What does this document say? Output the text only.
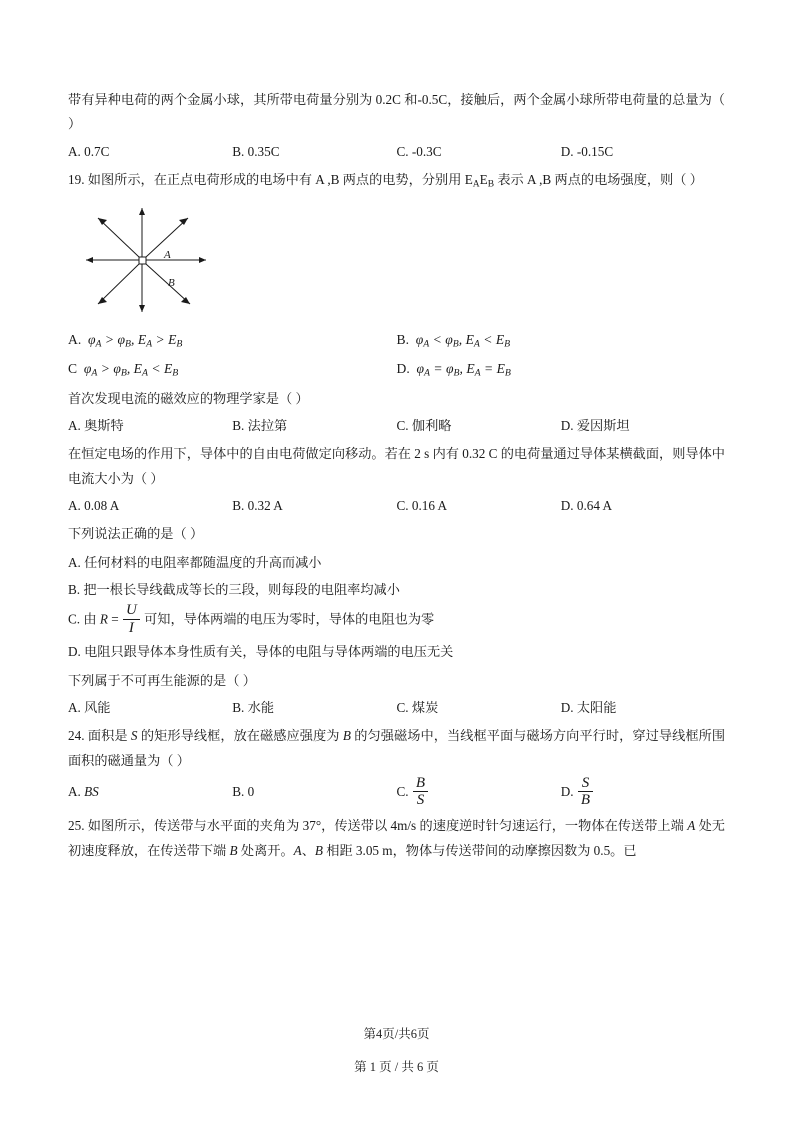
带有异种电荷的两个金属小球，其所带电荷量分别为 0.2C 和-0.5C，接触后，两个金属小球所带电荷量的总量为（ ）

A. 0.7C	B. 0.35C	C. -0.3C	D. -0.15C

19. 如图所示，在正点电荷形成的电场中有 A ,B 两点的电势，分别用 $E_AE_B$ 表示 A ,B 两点的电场强度，则（ ）

A
B
A.  $\varphi_A > \varphi_B$, $E_A > E_B$	B.  $\varphi_A < \varphi_B$, $E_A < E_B$
C  $\varphi_A > \varphi_B$, $E_A < E_B$	D.  $\varphi_A = \varphi_B$, $E_A = E_B$

首次发现电流的磁效应的物理学家是（ ）

A. 奥斯特	B. 法拉第	C. 伽利略	D. 爱因斯坦

在恒定电场的作用下，导体中的自由电荷做定向移动。若在 2 s 内有 0.32 C 的电荷量通过导体某横截面，则导体中电流大小为（ ）

A. 0.08 A	B. 0.32 A	C. 0.16 A	D. 0.64 A

下列说法正确的是（ ）

A. 任何材料的电阻率都随温度的升高而减小
B. 把一根长导线截成等长的三段，则每段的电阻率均减小
C. 由 $R = \frac{U}{I}$ 可知，导体两端的电压为零时，导体的电阻也为零
D. 电阻只跟导体本身性质有关，导体的电阻与导体两端的电压无关

下列属于不可再生能源的是（ ）

A. 风能	B. 水能	C. 煤炭	D. 太阳能

24. 面积是 S 的矩形导线框，放在磁感应强度为 B 的匀强磁场中，当线框平面与磁场方向平行时，穿过导线框所围面积的磁通量为（ ）

A. BS	B. 0	C. $\frac{B}{S}$	D. $\frac{S}{B}$

25. 如图所示，传送带与水平面的夹角为 37°，传送带以 4m/s 的速度逆时针匀速运行，一物体在传送带上端 A 处无初速度释放，在传送带下端 B 处离开。A、B 相距 3.05 m，物体与传送带间的动摩擦因数为 0.5。已

第4页/共6页
第 1 页 / 共 6 页
